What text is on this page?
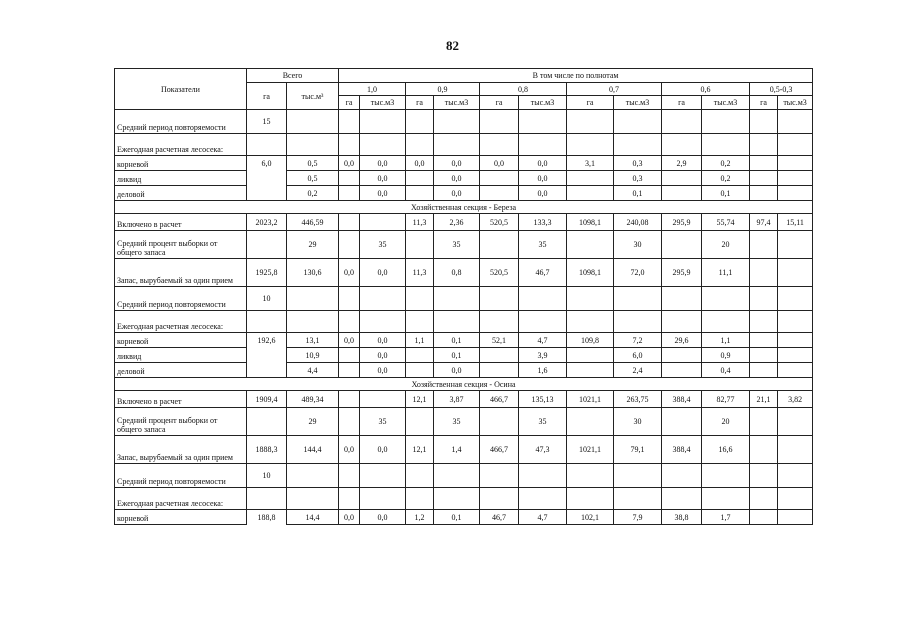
82
Показатели	Всего		В том числе по полнотам											
	га	тыс.м³	1,0		0,9		0,8		0,7		0,6		0,5-0,3	
			га	тыс.м3	га	тыс.м3	га	тыс.м3	га	тыс.м3	га	тыс.м3	га	тыс.м3
Средний период повторяемости	15													
Ежегодная расчетная лесосека:														
корневой	6,0	0,5	0,0	0,0	0,0	0,0	0,0	0,0	3,1	0,3	2,9	0,2		
ликвид		0,5		0,0		0,0		0,0		0,3		0,2		
деловой		0,2		0,0		0,0		0,0		0,1		0,1		
Хозяйственная секция - Береза														
Включено в расчет	2023,2	446,59			11,3	2,36	520,5	133,3	1098,1	240,08	295,9	55,74	97,4	15,11
Средний процент выборки от общего запаса		29		35		35		35		30		20		
Запас, вырубаемый за один прием	1925,8	130,6	0,0	0,0	11,3	0,8	520,5	46,7	1098,1	72,0	295,9	11,1		
Средний период повторяемости	10													
Ежегодная расчетная лесосека:														
корневой	192,6	13,1	0,0	0,0	1,1	0,1	52,1	4,7	109,8	7,2	29,6	1,1		
ликвид		10,9		0,0		0,1		3,9		6,0		0,9		
деловой		4,4		0,0		0,0		1,6		2,4		0,4		
Хозяйственная секция - Осина														
Включено в расчет	1909,4	489,34			12,1	3,87	466,7	135,13	1021,1	263,75	388,4	82,77	21,1	3,82
Средний процент выборки от общего запаса		29		35		35		35		30		20		
Запас, вырубаемый за один прием	1888,3	144,4	0,0	0,0	12,1	1,4	466,7	47,3	1021,1	79,1	388,4	16,6		
Средний период повторяемости	10													
Ежегодная расчетная лесосека:														
корневой	188,8	14,4	0,0	0,0	1,2	0,1	46,7	4,7	102,1	7,9	38,8	1,7		
